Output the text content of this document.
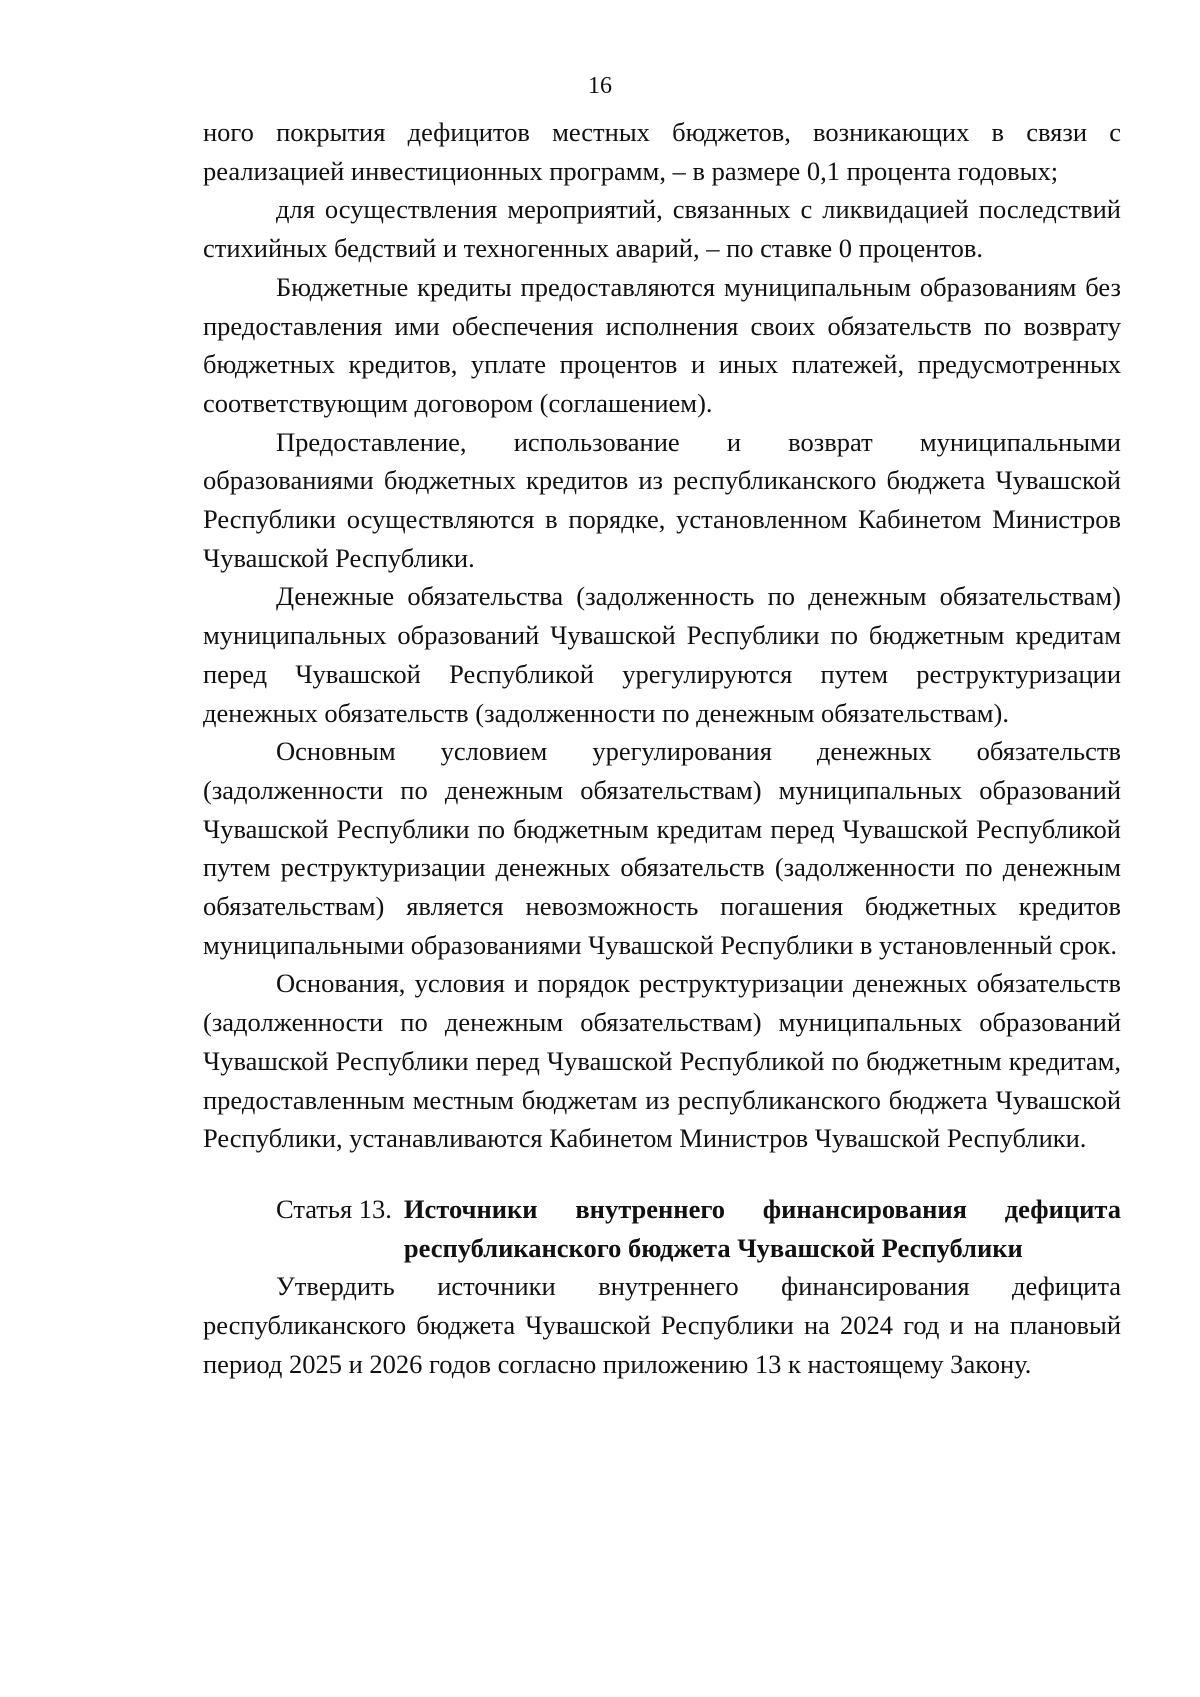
16

ного покрытия дефицитов местных бюджетов, возникающих в связи с реализацией инвестиционных программ, – в размере 0,1 процента годовых;

для осуществления мероприятий, связанных с ликвидацией последствий стихийных бедствий и техногенных аварий, – по ставке 0 процентов.

Бюджетные кредиты предоставляются муниципальным образованиям без предоставления ими обеспечения исполнения своих обязательств по возврату бюджетных кредитов, уплате процентов и иных платежей, предусмотренных соответствующим договором (соглашением).

Предоставление, использование и возврат муниципальными образованиями бюджетных кредитов из республиканского бюджета Чувашской Республики осуществляются в порядке, установленном Кабинетом Министров Чувашской Республики.

Денежные обязательства (задолженность по денежным обязательствам) муниципальных образований Чувашской Республики по бюджетным кредитам перед Чувашской Республикой урегулируются путем реструктуризации денежных обязательств (задолженности по денежным обязательствам).

Основным условием урегулирования денежных обязательств (задолженности по денежным обязательствам) муниципальных образований Чувашской Республики по бюджетным кредитам перед Чувашской Республикой путем реструктуризации денежных обязательств (задолженности по денежным обязательствам) является невозможность погашения бюджетных кредитов муниципальными образованиями Чувашской Республики в установленный срок.

Основания, условия и порядок реструктуризации денежных обязательств (задолженности по денежным обязательствам) муниципальных образований Чувашской Республики перед Чувашской Республикой по бюджетным кредитам, предоставленным местным бюджетам из республиканского бюджета Чувашской Республики, устанавливаются Кабинетом Министров Чувашской Республики.

Статья 13. Источники внутреннего финансирования дефицита республиканского бюджета Чувашской Республики

Утвердить источники внутреннего финансирования дефицита республиканского бюджета Чувашской Республики на 2024 год и на плановый период 2025 и 2026 годов согласно приложению 13 к настоящему Закону.
